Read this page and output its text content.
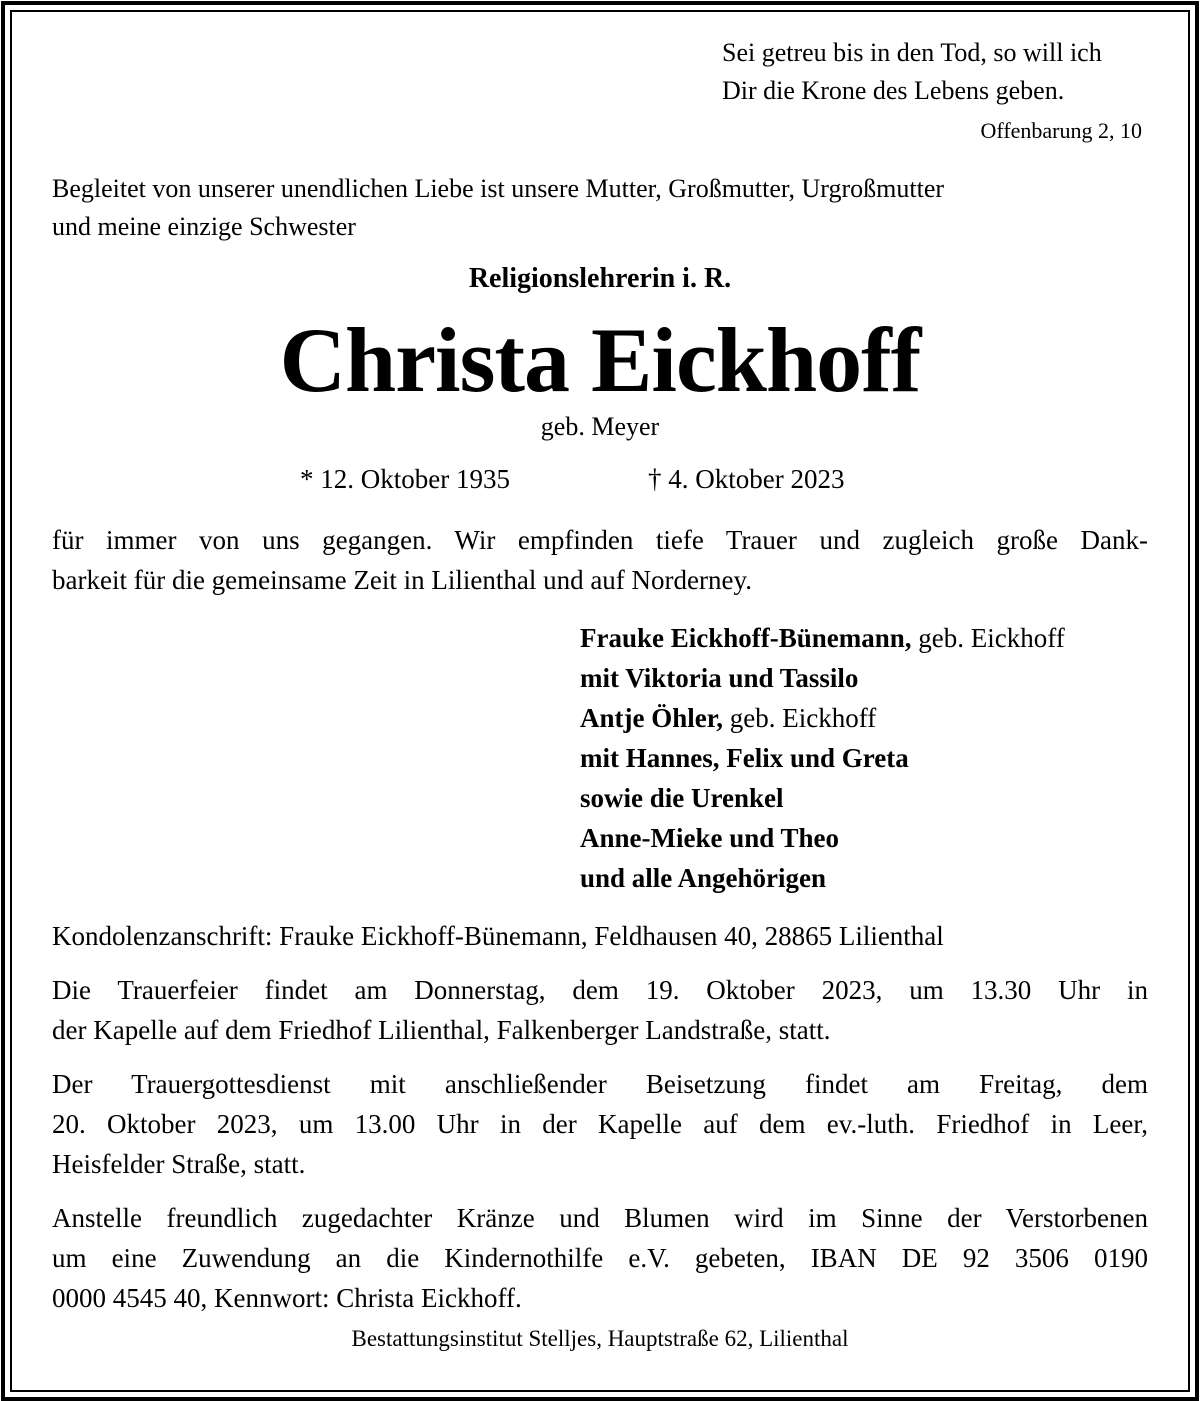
Sei getreu bis in den Tod, so will ich
Dir die Krone des Lebens geben.
Offenbarung 2, 10
Begleitet von unserer unendlichen Liebe ist unsere Mutter, Großmutter, Urgroßmutter
und meine einzige Schwester
Religionslehrerin i. R.
Christa Eickhoff
geb. Meyer
* 12. Oktober 1935	† 4. Oktober 2023
für immer von uns gegangen. Wir empfinden tiefe Trauer und zugleich große Dank-
barkeit für die gemeinsame Zeit in Lilienthal und auf Norderney.
Frauke Eickhoff-Bünemann, geb. Eickhoff
mit Viktoria und Tassilo
Antje Öhler, geb. Eickhoff
mit Hannes, Felix und Greta
sowie die Urenkel
Anne-Mieke und Theo
und alle Angehörigen
Kondolenzanschrift: Frauke Eickhoff-Bünemann, Feldhausen 40, 28865 Lilienthal
Die Trauerfeier findet am Donnerstag, dem 19. Oktober 2023, um 13.30 Uhr in
der Kapelle auf dem Friedhof Lilienthal, Falkenberger Landstraße, statt.
Der Trauergottesdienst mit anschließender Beisetzung findet am Freitag, dem
20. Oktober 2023, um 13.00 Uhr in der Kapelle auf dem ev.-luth. Friedhof in Leer,
Heisfelder Straße, statt.
Anstelle freundlich zugedachter Kränze und Blumen wird im Sinne der Verstorbenen
um eine Zuwendung an die Kindernothilfe e.V. gebeten, IBAN DE 92 3506 0190
0000 4545 40, Kennwort: Christa Eickhoff.
Bestattungsinstitut Stelljes, Hauptstraße 62, Lilienthal
